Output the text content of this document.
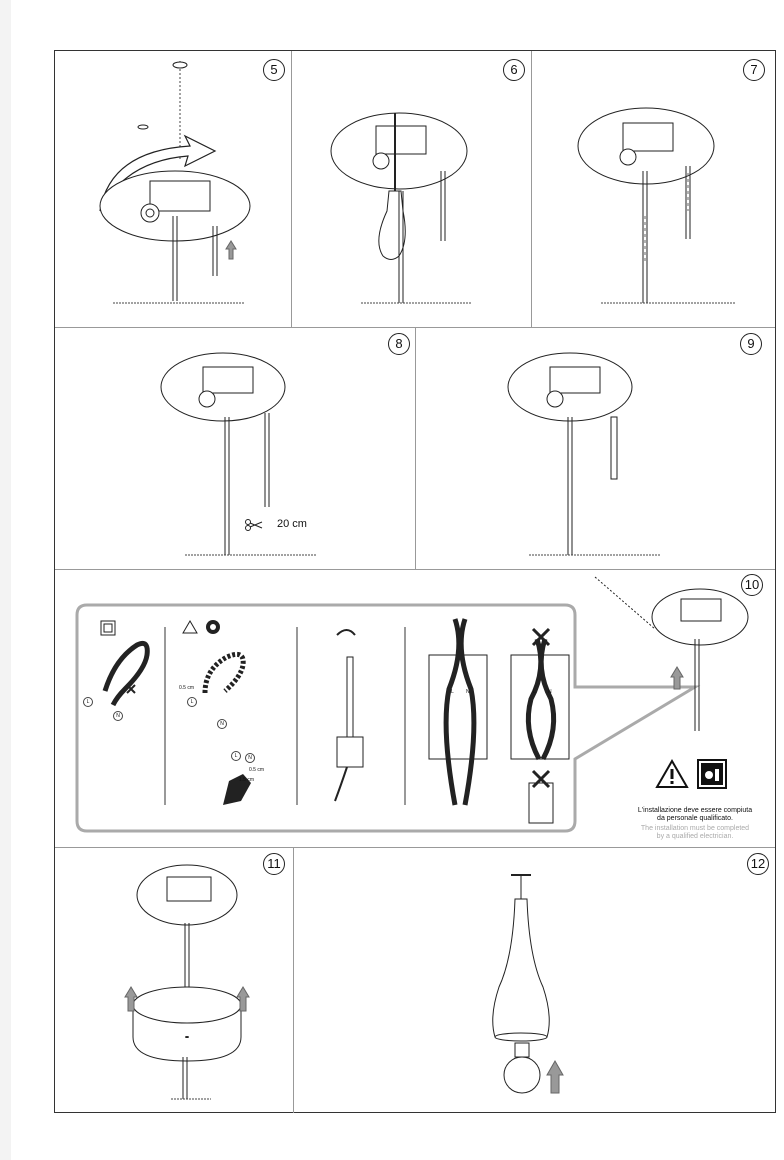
5	6	7
8
20 cm
9
10
L
N
L
N
0.5 cm
L	N
0.5 cm
1.5 cm
L N	L N
L'installazione deve essere compiuta
da personale qualificato.
The installation must be completed
by a qualified electrician.
11	12
